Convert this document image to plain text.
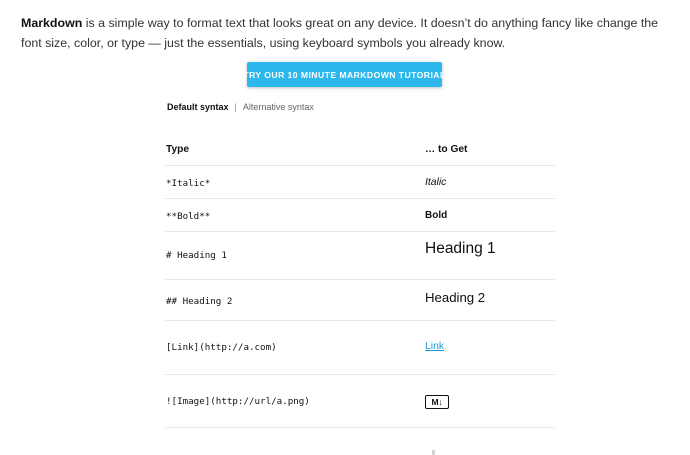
Markdown is a simple way to format text that looks great on any device. It doesn’t do anything fancy like change the font size, color, or type — just the essentials, using keyboard symbols you already know.

TRY OUR 10 MINUTE MARKDOWN TUTORIAL
Default syntax | Alternative syntax
Type	… to Get
*Italic*	Italic
**Bold**	Bold
# Heading 1	Heading 1
## Heading 2	Heading 2
[Link](http://a.com)	Link
![Image](http://url/a.png)	M↓
